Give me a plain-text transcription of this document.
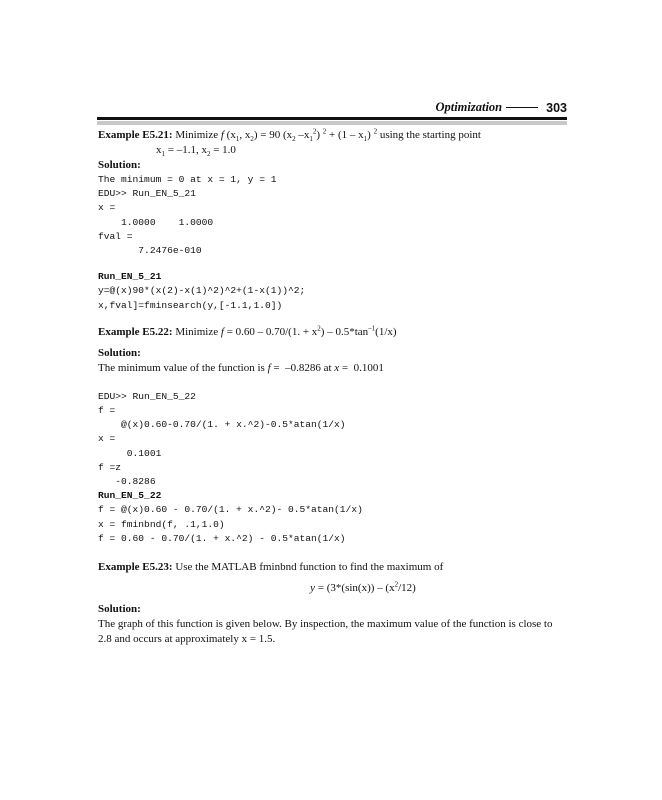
Optimization	303
Example E5.21: Minimize f ($x_1$, $x_2) = 90$ ($x_2$ $-x_1^2$) $^2 + (1 - x_1)$ $^2$ using the starting point
$x_1 = -1.1$, $x_2 = 1.0$
Solution:
The minimum = 0 at x = 1, y = 1
EDU>> Run_EN_5_21
x =
1.0000    1.0000
fval =
7.2476e-010
Run_EN_5_21
y=@(x)90*(x(2)-x(1)^2)^2+(1-x(1))^2;
x,fval]=fminsearch(y,[-1.1,1.0])
Example E5.22: Minimize f = 0.60 – 0.70/(1. + $x^2) - 0.5*\tan^{-1}(1/x)$
Solution:
The minimum value of the function is f =  –0.8286 at x =  0.1001
EDU>> Run_EN_5_22
f =
@(x)0.60-0.70/(1. + x.^2)-0.5*atan(1/x)
x =
0.1001
f =z
-0.8286
Run_EN_5_22
f = @(x)0.60 - 0.70/(1. + x.^2)- 0.5*atan(1/x)
x = fminbnd(f, .1,1.0)
f = 0.60 - 0.70/(1. + x.^2) - 0.5*atan(1/x)
Example E5.23: Use the MATLAB fminbnd function to find the maximum of
$y = (3*(\sin(x)) - (x^2/12)$
Solution:
The graph of this function is given below. By inspection, the maximum value of the function is close to 2.8 and occurs at approximately x = 1.5.
